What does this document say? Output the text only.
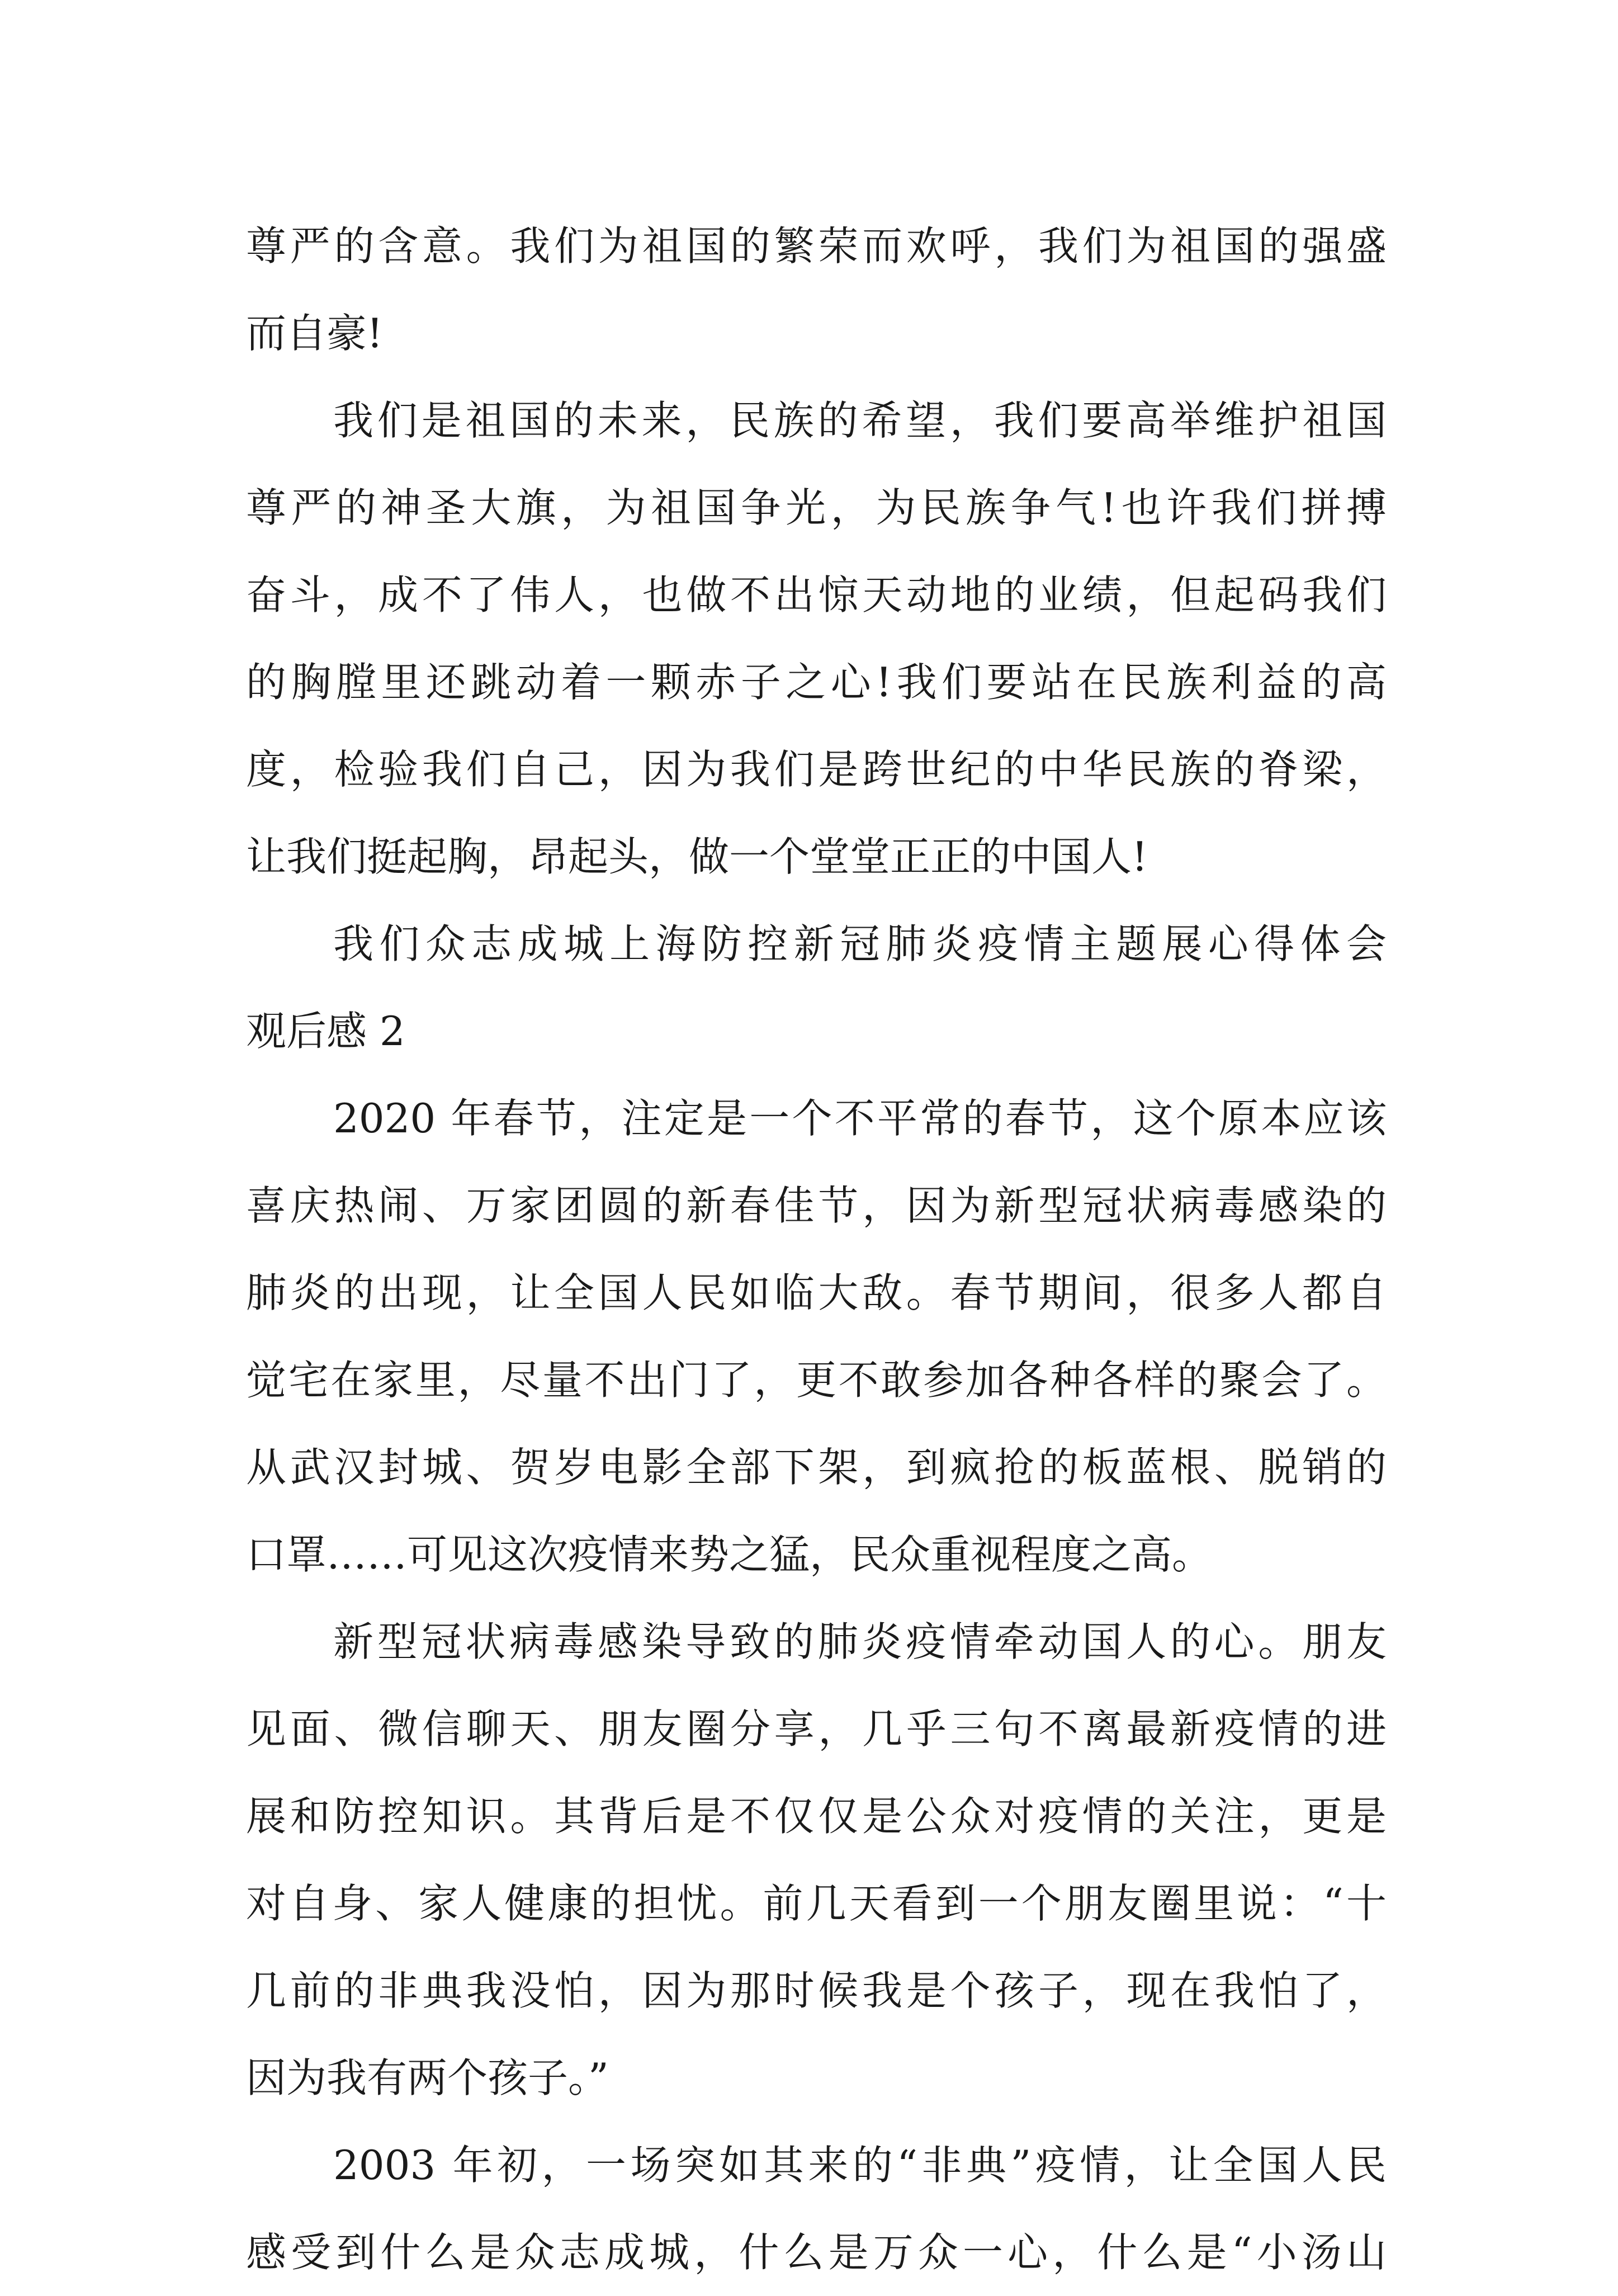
尊严的含意。我们为祖国的繁荣而欢呼，我们为祖国的强盛
而自豪!
我们是祖国的未来，民族的希望，我们要高举维护祖国
尊严的神圣大旗，为祖国争光，为民族争气!也许我们拼搏
奋斗，成不了伟人，也做不出惊天动地的业绩，但起码我们
的胸膛里还跳动着一颗赤子之心!我们要站在民族利益的高
度，检验我们自己，因为我们是跨世纪的中华民族的脊梁，
让我们挺起胸，昂起头，做一个堂堂正正的中国人!
我们众志成城上海防控新冠肺炎疫情主题展心得体会
观后感 2
2020 年春节，注定是一个不平常的春节，这个原本应该
喜庆热闹、万家团圆的新春佳节，因为新型冠状病毒感染的
肺炎的出现，让全国人民如临大敌。春节期间，很多人都自
觉宅在家里，尽量不出门了，更不敢参加各种各样的聚会了。
从武汉封城、贺岁电影全部下架，到疯抢的板蓝根、脱销的
口罩……可见这次疫情来势之猛，民众重视程度之高。
新型冠状病毒感染导致的肺炎疫情牵动国人的心。朋友
见面、微信聊天、朋友圈分享，几乎三句不离最新疫情的进
展和防控知识。其背后是不仅仅是公众对疫情的关注，更是
对自身、家人健康的担忧。前几天看到一个朋友圈里说：“十
几前的非典我没怕，因为那时候我是个孩子，现在我怕了，
因为我有两个孩子。”
2003 年初，一场突如其来的“非典”疫情，让全国人民
感受到什么是众志成城，什么是万众一心，什么是“小汤山
